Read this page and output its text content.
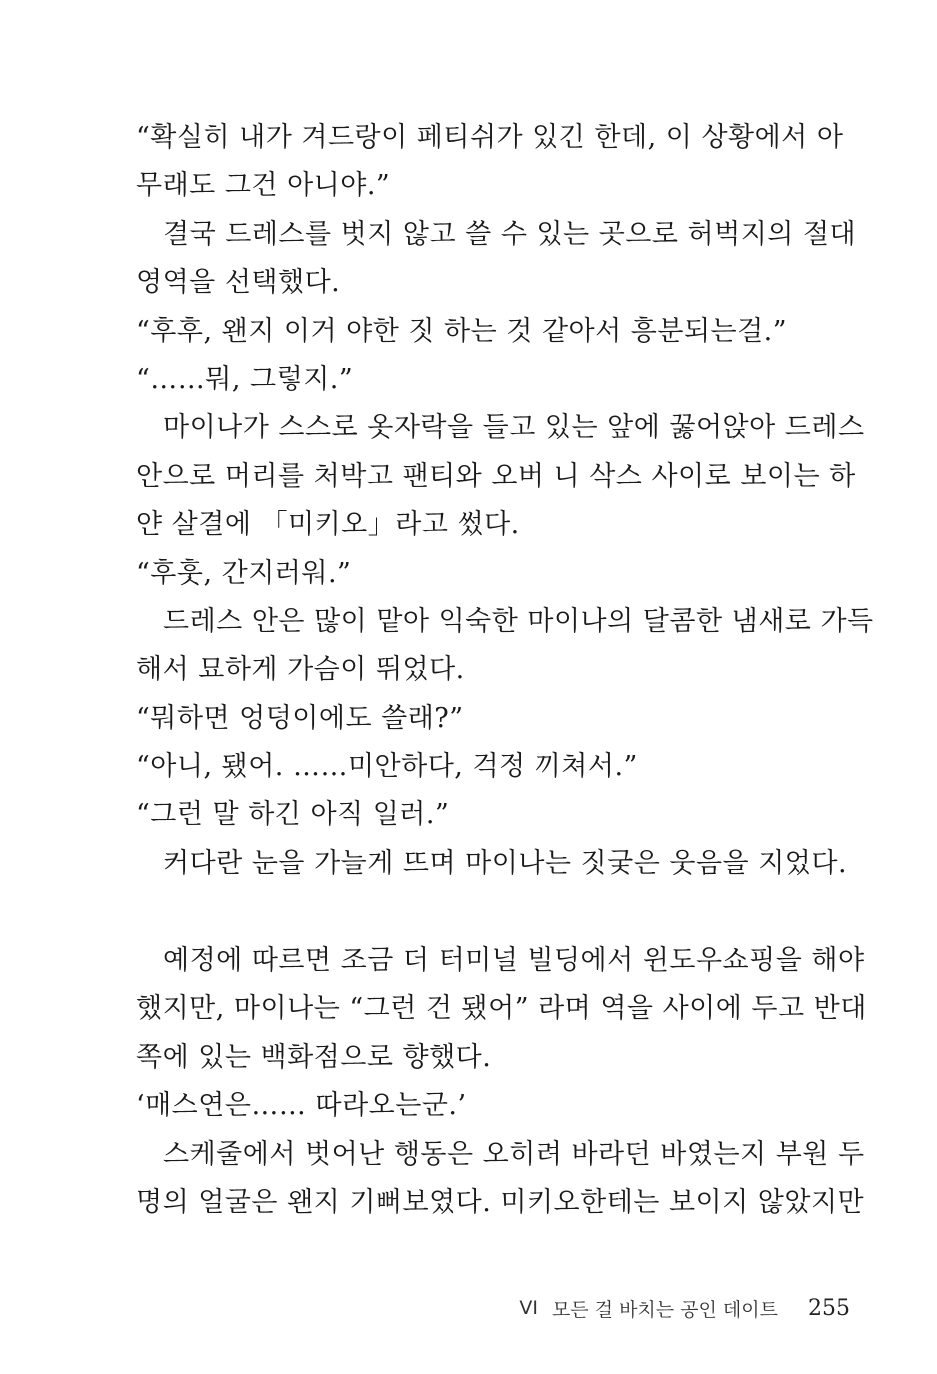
“확실히 내가 겨드랑이 페티쉬가 있긴 한데, 이 상황에서 아
무래도 그건 아니야.”
결국 드레스를 벗지 않고 쓸 수 있는 곳으로 허벅지의 절대
영역을 선택했다.
“후후, 왠지 이거 야한 짓 하는 것 같아서 흥분되는걸.”
“……뭐, 그렇지.”
마이나가 스스로 옷자락을 들고 있는 앞에 꿇어앉아 드레스
안으로 머리를 처박고 팬티와 오버 니 삭스 사이로 보이는 하
얀 살결에 「미키오」라고 썼다.
“후훗, 간지러워.”
드레스 안은 많이 맡아 익숙한 마이나의 달콤한 냄새로 가득
해서 묘하게 가슴이 뛰었다.
“뭐하면 엉덩이에도 쓸래?”
“아니, 됐어. ……미안하다, 걱정 끼쳐서.”
“그런 말 하긴 아직 일러.”
커다란 눈을 가늘게 뜨며 마이나는 짓궂은 웃음을 지었다.
예정에 따르면 조금 더 터미널 빌딩에서 윈도우쇼핑을 해야
했지만, 마이나는 “그런 건 됐어” 라며 역을 사이에 두고 반대
쪽에 있는 백화점으로 향했다.
‘매스연은…… 따라오는군.’
스케줄에서 벗어난 행동은 오히려 바라던 바였는지 부원 두
명의 얼굴은 왠지 기뻐보였다. 미키오한테는 보이지 않았지만
VI 모든 걸 바치는 공인 데이트 255
